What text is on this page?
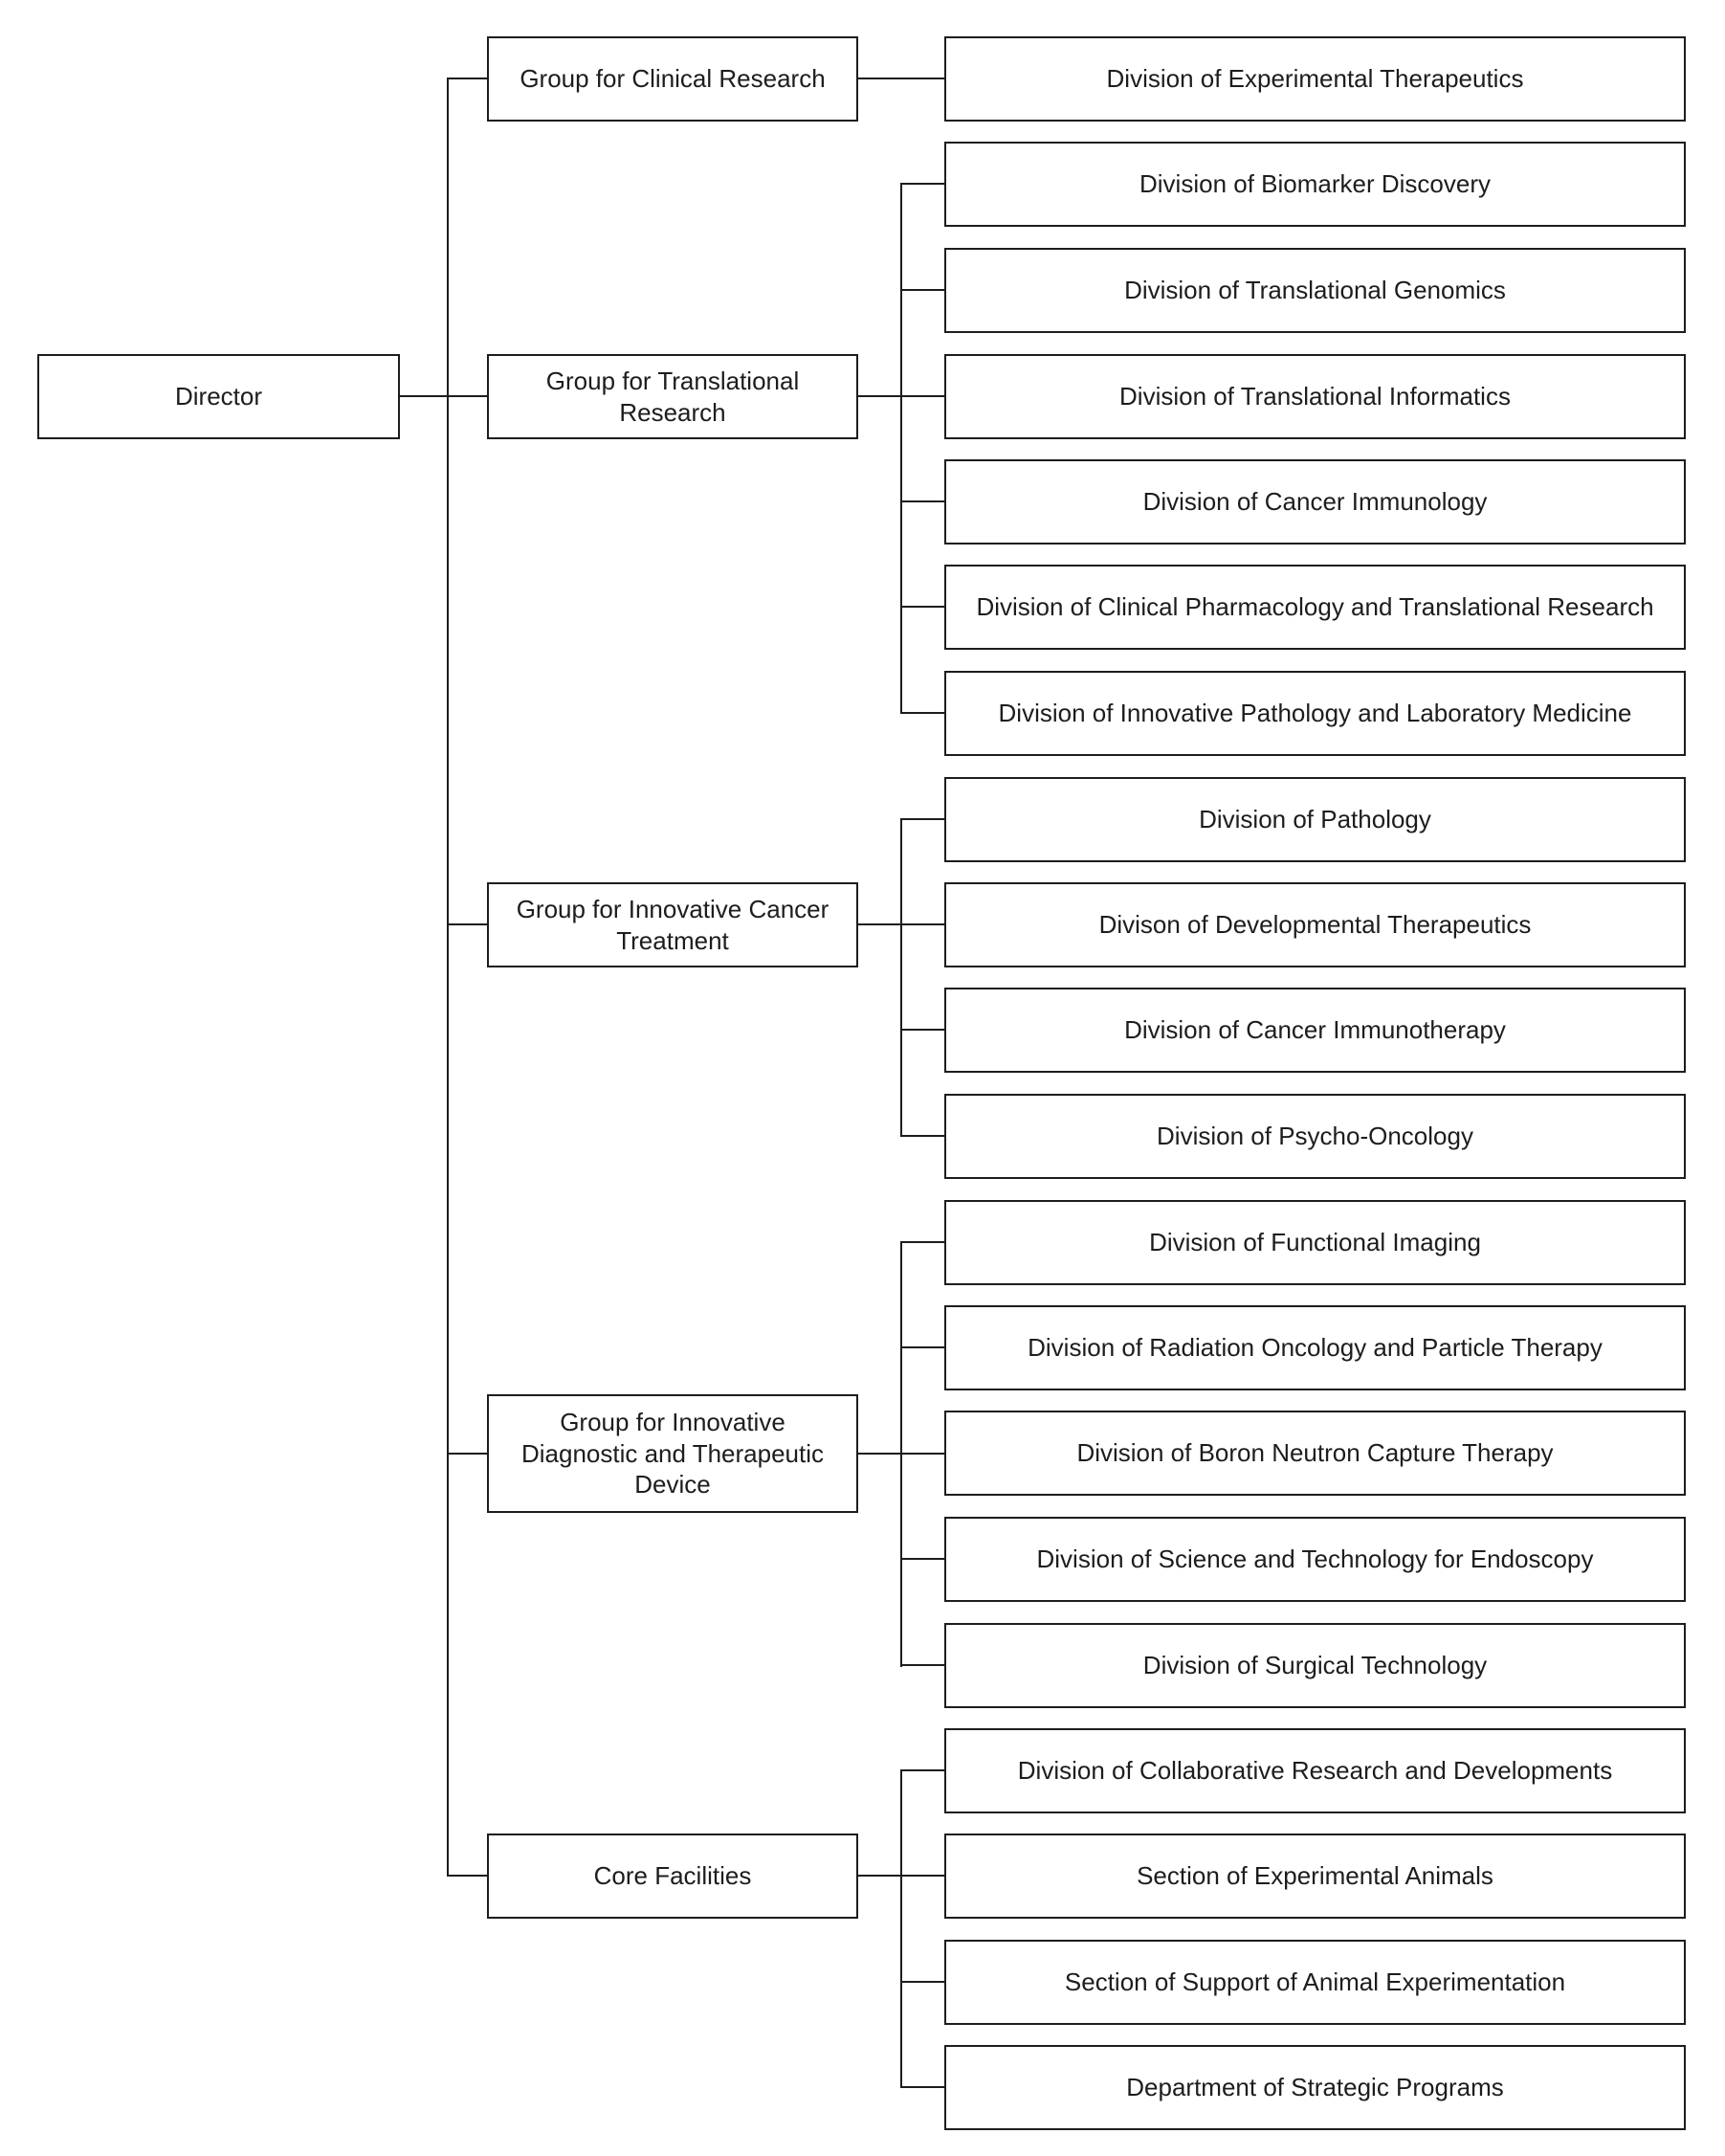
Director
Group for Clinical Research
Group for Translational Research
Group for Innovative Cancer Treatment
Group for Innovative Diagnostic and Therapeutic Device
Core Facilities
Division of Experimental Therapeutics
Division of Biomarker Discovery
Division of Translational Genomics
Division of Translational Informatics
Division of Cancer Immunology
Division of Clinical Pharmacology and Translational Research
Division of Innovative Pathology and Laboratory Medicine
Division of Pathology
Divison of Developmental Therapeutics
Division of Cancer Immunotherapy
Division of Psycho-Oncology
Division of Functional Imaging
Division of Radiation Oncology and Particle Therapy
Division of Boron Neutron Capture Therapy
Division of Science and Technology for Endoscopy
Division of Surgical Technology
Division of Collaborative Research and Developments
Section of Experimental Animals
Section of Support of Animal Experimentation
Department of Strategic Programs
